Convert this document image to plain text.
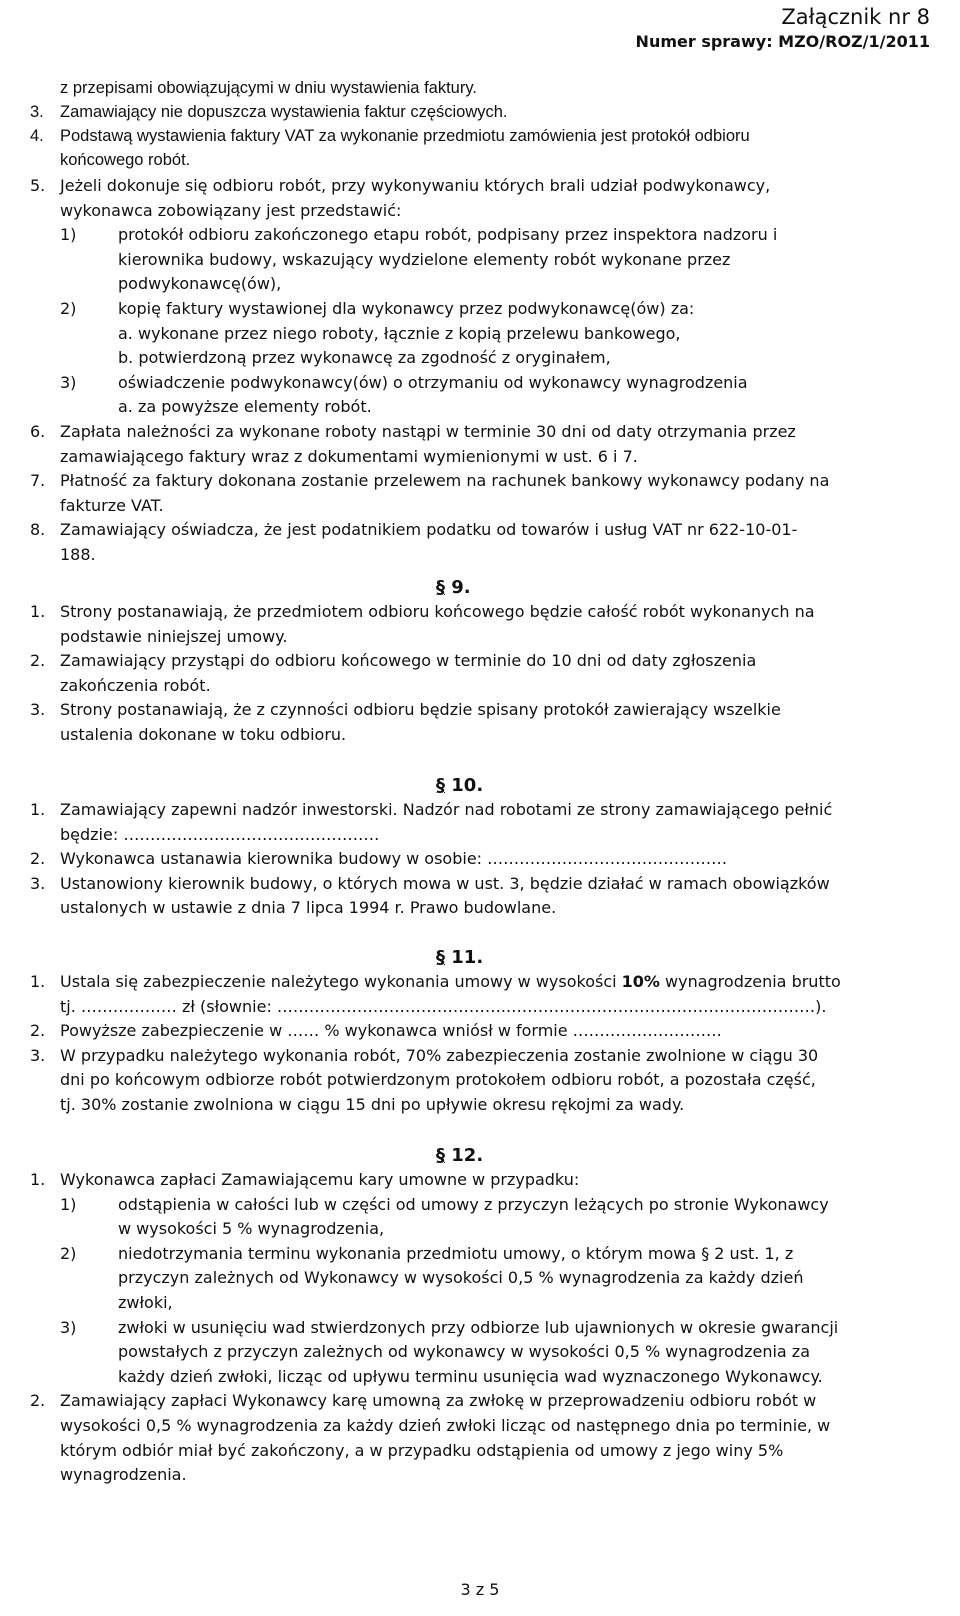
Załącznik nr 8
Numer sprawy: MZO/ROZ/1/2011
z przepisami obowiązującymi w dniu wystawienia faktury.
3. Zamawiający nie dopuszcza wystawienia faktur częściowych.
4. Podstawą wystawienia faktury VAT za wykonanie przedmiotu zamówienia jest protokół odbioru
końcowego robót.
5. Jeżeli dokonuje się odbioru robót, przy wykonywaniu których brali udział podwykonawcy,
wykonawca zobowiązany jest przedstawić:
1)	protokół odbioru zakończonego etapu robót, podpisany przez inspektora nadzoru i
kierownika budowy, wskazujący wydzielone elementy robót wykonane przez
podwykonawcę(ów),
2)	kopię faktury wystawionej dla wykonawcy przez podwykonawcę(ów) za:
a. wykonane przez niego roboty, łącznie z kopią przelewu bankowego,
b. potwierdzoną przez wykonawcę za zgodność z oryginałem,
3)	oświadczenie podwykonawcy(ów) o otrzymaniu od wykonawcy wynagrodzenia
a. za powyższe elementy robót.
6. Zapłata należności za wykonane roboty nastąpi w terminie 30 dni od daty otrzymania przez
zamawiającego faktury wraz z dokumentami wymienionymi w ust. 6 i 7.
7. Płatność za faktury dokonana zostanie przelewem na rachunek bankowy wykonawcy podany na
fakturze VAT.
8. Zamawiający oświadcza, że jest podatnikiem podatku od towarów i usług VAT nr 622-10-01-
188.
§ 9.
1. Strony postanawiają, że przedmiotem odbioru końcowego będzie całość robót wykonanych na
podstawie niniejszej umowy.
2. Zamawiający przystąpi do odbioru końcowego w terminie do 10 dni od daty zgłoszenia
zakończenia robót.
3. Strony postanawiają, że z czynności odbioru będzie spisany protokół zawierający wszelkie
ustalenia dokonane w toku odbioru.
§ 10.
1. Zamawiający zapewni nadzór inwestorski. Nadzór nad robotami ze strony zamawiającego pełnić
będzie: …………………………………………
2. Wykonawca ustanawia kierownika budowy w osobie: ………………………………………
3. Ustanowiony kierownik budowy, o których mowa w ust. 3, będzie działać w ramach obowiązków
ustalonych w ustawie z dnia 7 lipca 1994 r. Prawo budowlane.
§ 11.
1. Ustala się zabezpieczenie należytego wykonania umowy w wysokości 10% wynagrodzenia brutto
tj. ……………… zł (słownie: ……………………………………..…………………………………………………).
2. Powyższe zabezpieczenie w …… % wykonawca wniósł w formie ……………………….
3. W przypadku należytego wykonania robót, 70% zabezpieczenia zostanie zwolnione w ciągu 30
dni po końcowym odbiorze robót potwierdzonym protokołem odbioru robót, a pozostała część,
tj. 30% zostanie zwolniona w ciągu 15 dni po upływie okresu rękojmi za wady.
§ 12.
1. Wykonawca zapłaci Zamawiającemu kary umowne w przypadku:
1)	odstąpienia w całości lub w części od umowy z przyczyn leżących po stronie Wykonawcy
w wysokości 5 % wynagrodzenia,
2)	niedotrzymania terminu wykonania przedmiotu umowy, o którym mowa § 2 ust. 1, z
przyczyn zależnych od Wykonawcy w wysokości 0,5 % wynagrodzenia za każdy dzień
zwłoki,
3)	zwłoki w usunięciu wad stwierdzonych przy odbiorze lub ujawnionych w okresie gwarancji
powstałych z przyczyn zależnych od wykonawcy w wysokości 0,5 % wynagrodzenia za
każdy dzień zwłoki, licząc od upływu terminu usunięcia wad wyznaczonego Wykonawcy.
2. Zamawiający zapłaci Wykonawcy karę umowną za zwłokę w przeprowadzeniu odbioru robót w
wysokości 0,5 % wynagrodzenia za każdy dzień zwłoki licząc od następnego dnia po terminie, w
którym odbiór miał być zakończony, a w przypadku odstąpienia od umowy z jego winy 5%
wynagrodzenia.
3 z 5
